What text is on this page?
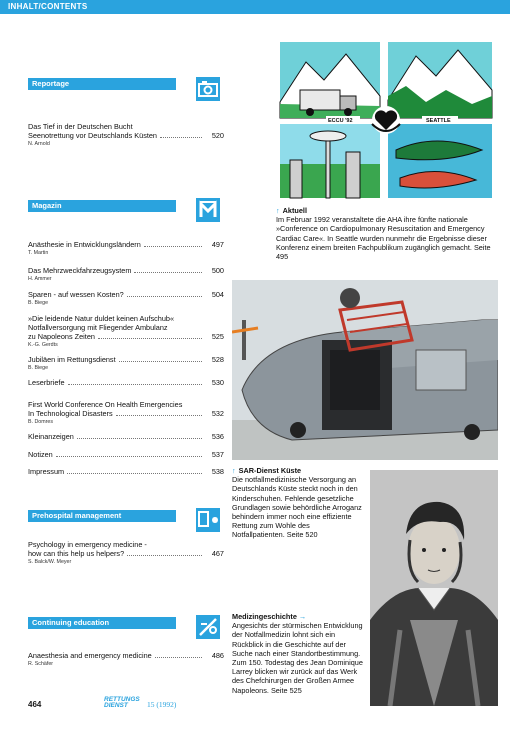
INHALT/CONTENTS
Reportage
Das Tief in der Deutschen Bucht
Seenotrettung vor Deutschlands Küsten
N. Arnold
520
Magazin
Anästhesie in Entwicklungsländern
T. Martin
497
Das Mehrzweckfahrzeugsystem
H. Ammer
500
Sparen - auf wessen Kosten?
B. Biege
504
»Die leidende Natur duldet keinen Aufschub«
Notfallversorgung mit Fliegender Ambulanz
zu Napoleons Zeiten
K.-G. Gerdts
525
Jubiläen im Rettungsdienst
B. Biege
528
Leserbriefe	530
First World Conference On Health Emergencies
In Technological Disasters
B. Domres
532
Kleinanzeigen	536
Notizen	537
Impressum	538
Prehospital management
Psychology in emergency medicine -
how can this help us helpers?
S. Balck/W. Meyer
467
Continuing education
Anaesthesia and emergency medicine
R. Schäfer
486
ECCU '92	SEATTLE
↑ Aktuell
Im Februar 1992 veranstaltete die AHA ihre fünfte nationale »Conference on Cardiopulmonary Resuscitation and Emergency Cardiac Care«. In Seattle wurden nunmehr die Ergebnisse dieser Konferenz einem breiten Fachpublikum zugänglich gemacht. Seite 495
↑ SAR-Dienst Küste
Die notfallmedizinische Versorgung an Deutschlands Küste steckt noch in den Kinderschuhen. Fehlende gesetzliche Grundlagen sowie behördliche Arroganz behindern immer noch eine effiziente Rettung zum Wohle des Notfallpatienten. Seite 520
Medizingeschichte →
Angesichts der stürmischen Entwicklung der Notfallmedizin lohnt sich ein Rückblick in die Geschichte auf der Suche nach einer Standortbestimmung. Zum 150. Todestag des Jean Dominique Larrey blicken wir zurück auf das Werk des Chefchirurgen der Großen Armee Napoleons. Seite 525
464
RETTUNGS
DIENST	15 (1992)
